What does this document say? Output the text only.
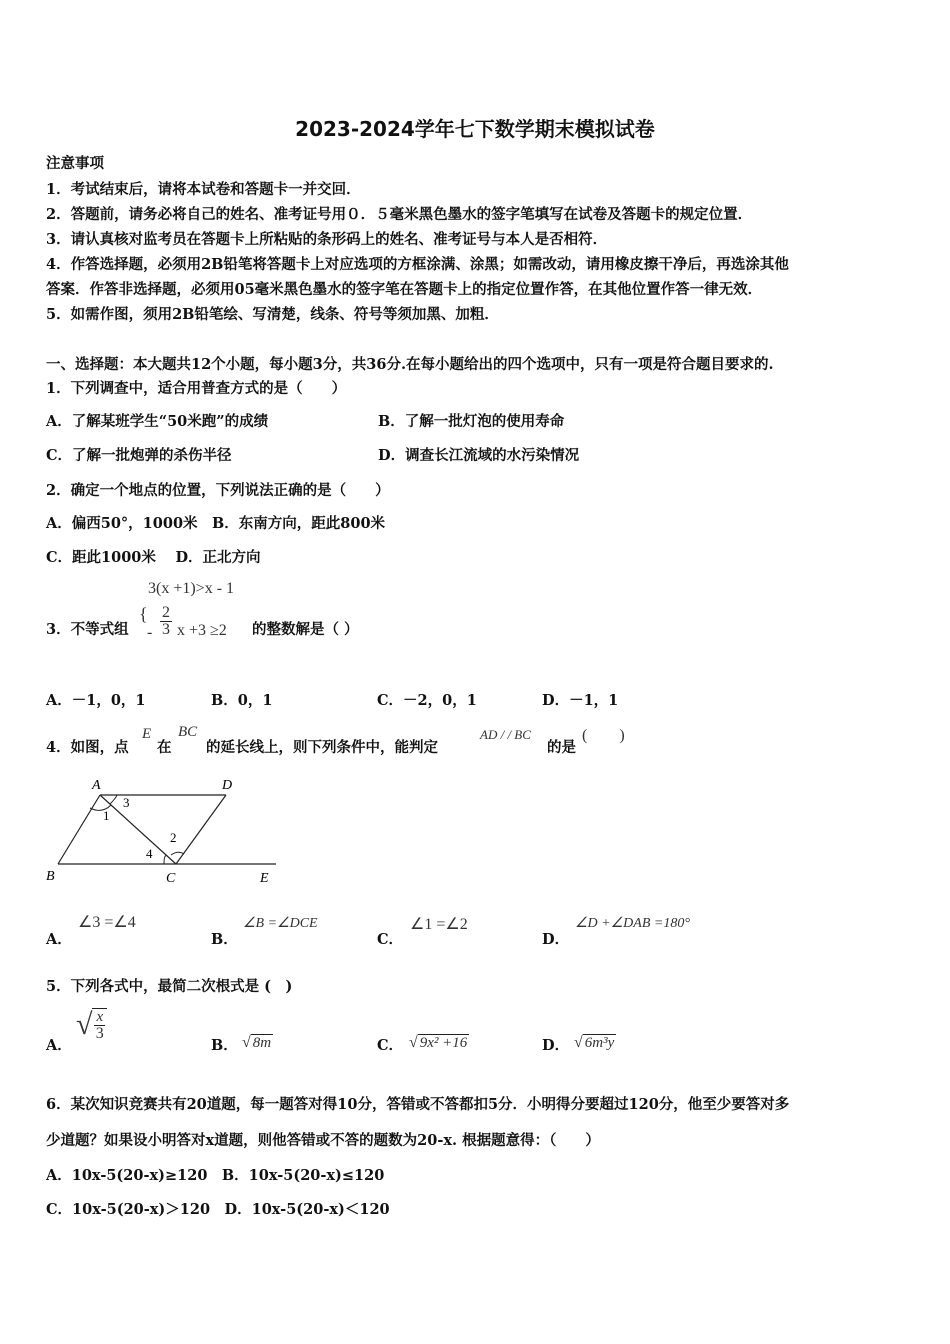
2023-2024学年七下数学期末模拟试卷
注意事项
1．考试结束后，请将本试卷和答题卡一并交回．
2．答题前，请务必将自己的姓名、准考证号用０．５毫米黑色墨水的签字笔填写在试卷及答题卡的规定位置．
3．请认真核对监考员在答题卡上所粘贴的条形码上的姓名、准考证号与本人是否相符．
4．作答选择题，必须用2B铅笔将答题卡上对应选项的方框涂满、涂黑；如需改动，请用橡皮擦干净后，再选涂其他
答案．作答非选择题，必须用05毫米黑色墨水的签字笔在答题卡上的指定位置作答，在其他位置作答一律无效．
5．如需作图，须用2B铅笔绘、写清楚，线条、符号等须加黑、加粗．
一、选择题：本大题共12个小题，每小题3分，共36分.在每小题给出的四个选项中，只有一项是符合题目要求的.
1．下列调查中，适合用普查方式的是（　　）
A．了解某班学生“50米跑”的成绩	B．了解一批灯泡的使用寿命
C．了解一批炮弹的杀伤半径	D．调查长江流域的水污染情况
2．确定一个地点的位置，下列说法正确的是（　　）
A．偏西50°，1000米　B．东南方向，距此800米
C．距此1000米　 D．正北方向
3(x +1)>x - 1
3．不等式组
{
- $\frac{2}{3}$ x +3 ≥2 的整数解是（ ）
A．－1，0，1	B．0，1	C．－2，0，1	D．－1，1
4．如图，点
E
在
BC
的延长线上，则下列条件中，能判定
AD / / BC
的是
(　　)
A	D
B	C	E
1
3
2
4
A．
∠3 =∠4
B．
∠B =∠DCE
C．
∠1 =∠2
D．
∠D +∠DAB =180°
5．下列各式中，最简二次根式是 (　)
A．
√ $\frac{x}{3}$
B． √ 8m	C． √ 9x² +16	D． √ 6m³y
6．某次知识竞赛共有20道题，每一题答对得10分，答错或不答都扣5分．小明得分要超过120分，他至少要答对多
少道题？如果设小明答对x道题，则他答错或不答的题数为20-x. 根据题意得：（　　）
A．10x-5(20-x)≥120　B．10x-5(20-x)≤120
C．10x-5(20-x)＞120　D．10x-5(20-x)＜120
